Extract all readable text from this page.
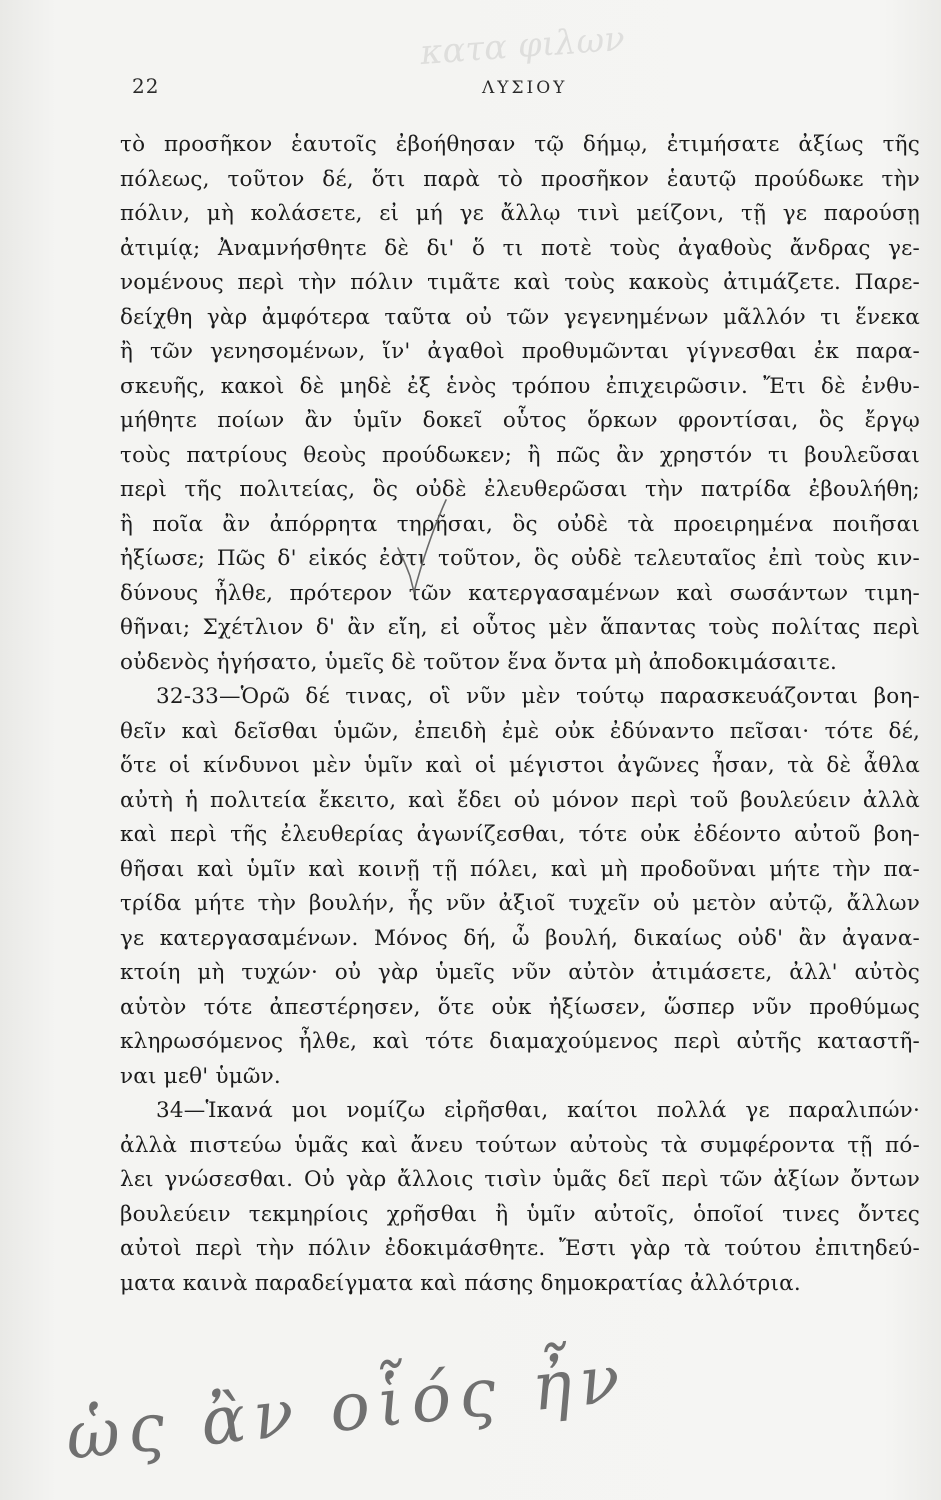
κατα φιλων
22	ΛΥΣΙΟΥ
τὸ προσῆκον ἑαυτοῖς ἐβοήθησαν τῷ δήμῳ, ἐτιμήσατε ἀξίως τῆς
πόλεως, τοῦτον δέ, ὅτι παρὰ τὸ προσῆκον ἑαυτῷ προύδωκε τὴν
πόλιν, μὴ κολάσετε, εἰ μή γε ἄλλῳ τινὶ μείζονι, τῇ γε παρούσῃ
ἀτιμίᾳ; Ἀναμνήσθητε δὲ δι' ὅ τι ποτὲ τοὺς ἀγαθοὺς ἄνδρας γε-
νομένους περὶ τὴν πόλιν τιμᾶτε καὶ τοὺς κακοὺς ἀτιμάζετε. Παρε-
δείχθη γὰρ ἀμφότερα ταῦτα οὐ τῶν γεγενημένων μᾶλλόν τι ἕνεκα
ἢ τῶν γενησομένων, ἵν' ἀγαθοὶ προθυμῶνται γίγνεσθαι ἐκ παρα-
σκευῆς, κακοὶ δὲ μηδὲ ἐξ ἑνὸς τρόπου ἐπιχειρῶσιν. Ἔτι δὲ ἐνθυ-
μήθητε ποίων ἂν ὑμῖν δοκεῖ οὗτος ὅρκων φροντίσαι, ὃς ἔργῳ
τοὺς πατρίους θεοὺς προύδωκεν; ἢ πῶς ἂν χρηστόν τι βουλεῦσαι
περὶ τῆς πολιτείας, ὃς οὐδὲ ἐλευθερῶσαι τὴν πατρίδα ἐβουλήθη;
ἢ ποῖα ἂν ἀπόρρητα τηρῆσαι, ὃς οὐδὲ τὰ προειρημένα ποιῆσαι
ἠξίωσε; Πῶς δ' εἰκός ἐστι τοῦτον, ὃς οὐδὲ τελευταῖος ἐπὶ τοὺς κιν-
δύνους ἦλθε, πρότερον τῶν κατεργασαμένων καὶ σωσάντων τιμη-
θῆναι; Σχέτλιον δ' ἂν εἴη, εἰ οὗτος μὲν ἅπαντας τοὺς πολίτας περὶ
οὐδενὸς ἡγήσατο, ὑμεῖς δὲ τοῦτον ἕνα ὄντα μὴ ἀποδοκιμάσαιτε.
32-33—Ὁρῶ δέ τινας, οἳ νῦν μὲν τούτῳ παρασκευάζονται βοη-
θεῖν καὶ δεῖσθαι ὑμῶν, ἐπειδὴ ἐμὲ οὐκ ἐδύναντο πεῖσαι· τότε δέ,
ὅτε οἱ κίνδυνοι μὲν ὑμῖν καὶ οἱ μέγιστοι ἀγῶνες ἦσαν, τὰ δὲ ἆθλα
αὐτὴ ἡ πολιτεία ἔκειτο, καὶ ἔδει οὐ μόνον περὶ τοῦ βουλεύειν ἀλλὰ
καὶ περὶ τῆς ἐλευθερίας ἀγωνίζεσθαι, τότε οὐκ ἐδέοντο αὐτοῦ βοη-
θῆσαι καὶ ὑμῖν καὶ κοινῇ τῇ πόλει, καὶ μὴ προδοῦναι μήτε τὴν πα-
τρίδα μήτε τὴν βουλήν, ἧς νῦν ἀξιοῖ τυχεῖν οὐ μετὸν αὐτῷ, ἄλλων
γε κατεργασαμένων. Μόνος δή, ὦ βουλή, δικαίως οὐδ' ἂν ἀγανα-
κτοίη μὴ τυχών· οὐ γὰρ ὑμεῖς νῦν αὐτὸν ἀτιμάσετε, ἀλλ' αὐτὸς
αὑτὸν τότε ἀπεστέρησεν, ὅτε οὐκ ἠξίωσεν, ὥσπερ νῦν προθύμως
κληρωσόμενος ἦλθε, καὶ τότε διαμαχούμενος περὶ αὐτῆς καταστῆ-
ναι μεθ' ὑμῶν.
34—Ἱκανά μοι νομίζω εἰρῆσθαι, καίτοι πολλά γε παραλιπών·
ἀλλὰ πιστεύω ὑμᾶς καὶ ἄνευ τούτων αὐτοὺς τὰ συμφέροντα τῇ πό-
λει γνώσεσθαι. Οὐ γὰρ ἄλλοις τισὶν ὑμᾶς δεῖ περὶ τῶν ἀξίων ὄντων
βουλεύειν τεκμηρίοις χρῆσθαι ἢ ὑμῖν αὐτοῖς, ὁποῖοί τινες ὄντες
αὐτοὶ περὶ τὴν πόλιν ἐδοκιμάσθητε. Ἔστι γὰρ τὰ τούτου ἐπιτηδεύ-
ματα καινὰ παραδείγματα καὶ πάσης δημοκρατίας ἀλλότρια.
ὡς ἂν οἷός ἦν
